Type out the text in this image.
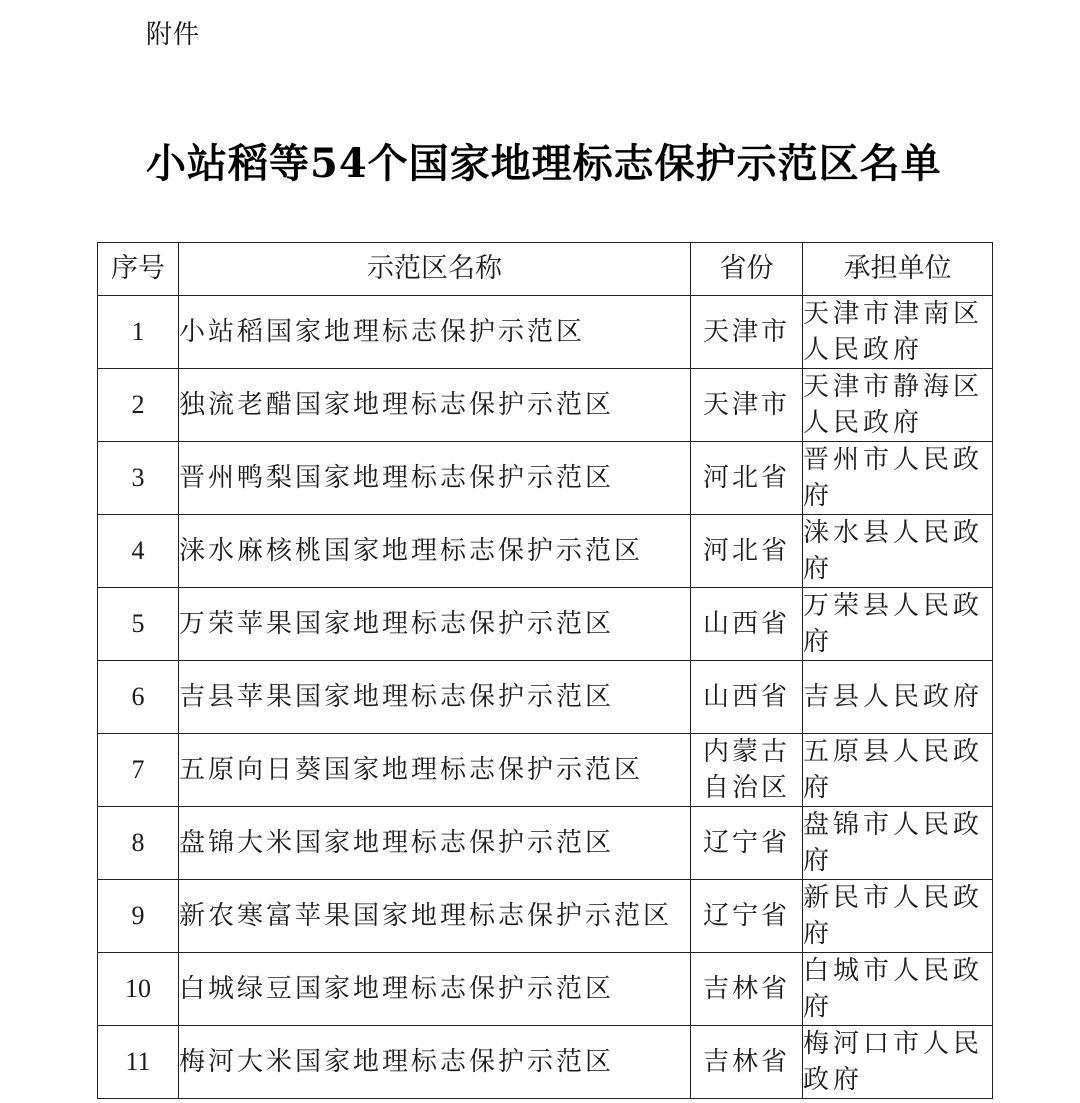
附件
小站稻等54个国家地理标志保护示范区名单
序号	示范区名称	省份	承担单位
1	小站稻国家地理标志保护示范区	天津市	天津市津南区人民政府
2	独流老醋国家地理标志保护示范区	天津市	天津市静海区人民政府
3	晋州鸭梨国家地理标志保护示范区	河北省	晋州市人民政府
4	涞水麻核桃国家地理标志保护示范区	河北省	涞水县人民政府
5	万荣苹果国家地理标志保护示范区	山西省	万荣县人民政府
6	吉县苹果国家地理标志保护示范区	山西省	吉县人民政府
7	五原向日葵国家地理标志保护示范区	内蒙古自治区	五原县人民政府
8	盘锦大米国家地理标志保护示范区	辽宁省	盘锦市人民政府
9	新农寒富苹果国家地理标志保护示范区	辽宁省	新民市人民政府
10	白城绿豆国家地理标志保护示范区	吉林省	白城市人民政府
11	梅河大米国家地理标志保护示范区	吉林省	梅河口市人民政府
